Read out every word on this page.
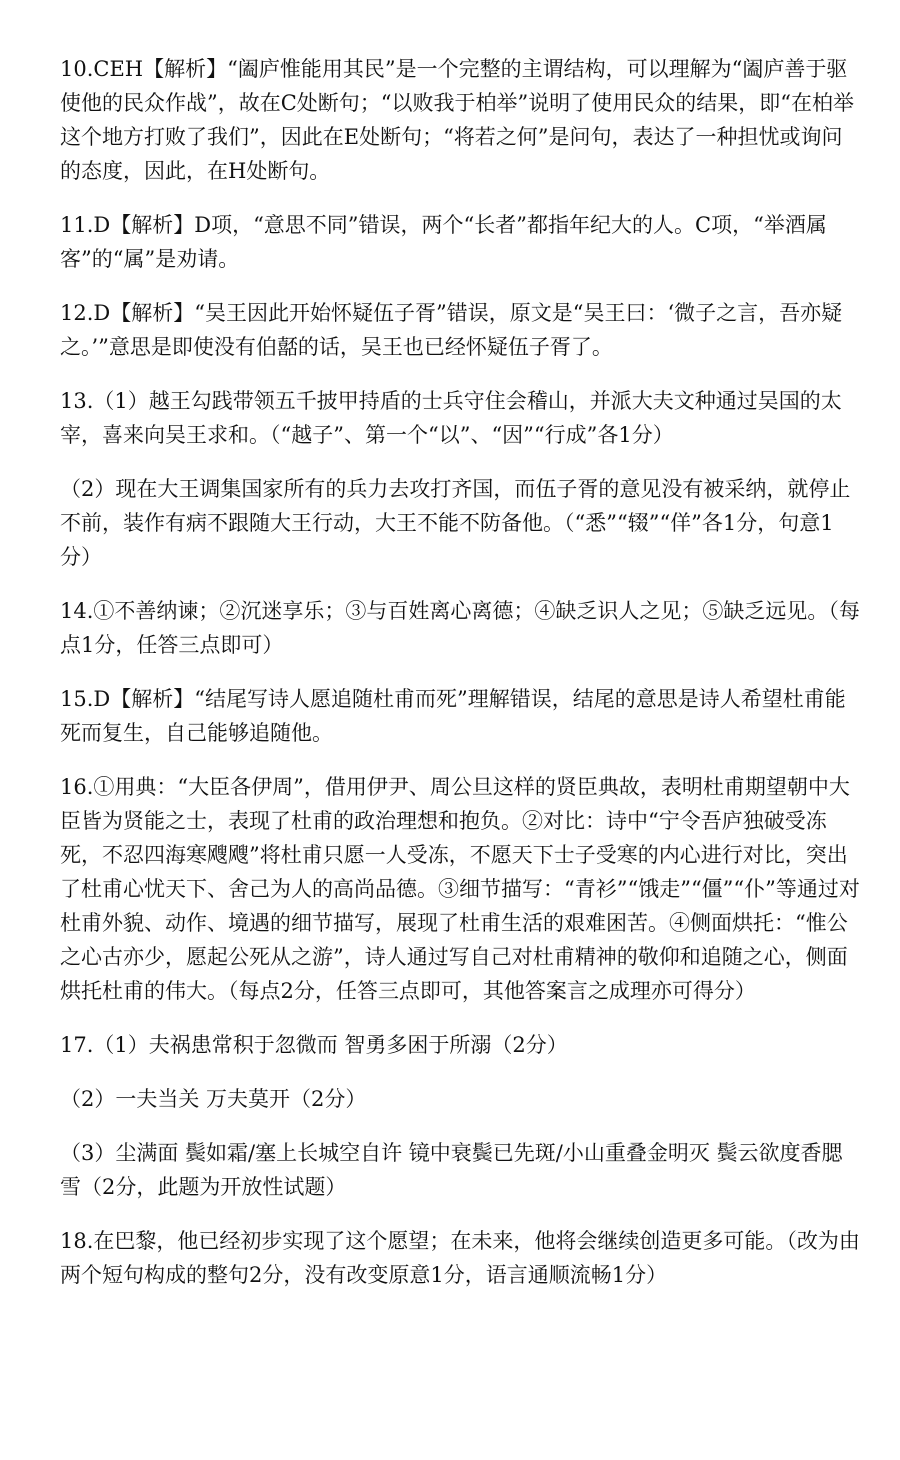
10.CEH【解析】“阖庐惟能用其民”是一个完整的主谓结构，可以理解为“阖庐善于驱使他的民众作战”，故在C处断句；“以败我于柏举”说明了使用民众的结果，即“在柏举这个地方打败了我们”，因此在E处断句；“将若之何”是问句，表达了一种担忧或询问的态度，因此，在H处断句。

11.D【解析】D项，“意思不同”错误，两个“长者”都指年纪大的人。C项，“举酒属客”的“属”是劝请。

12.D【解析】“吴王因此开始怀疑伍子胥”错误，原文是“吴王曰：‘微子之言，吾亦疑之。’”意思是即使没有伯嚭的话，吴王也已经怀疑伍子胥了。

13.（1）越王勾践带领五千披甲持盾的士兵守住会稽山，并派大夫文种通过吴国的太宰，喜来向吴王求和。（“越子”、第一个“以”、“因”“行成”各1分）

（2）现在大王调集国家所有的兵力去攻打齐国，而伍子胥的意见没有被采纳，就停止不前，装作有病不跟随大王行动，大王不能不防备他。（“悉”“辍”“佯”各1分，句意1分）

14.①不善纳谏；②沉迷享乐；③与百姓离心离德；④缺乏识人之见；⑤缺乏远见。（每点1分，任答三点即可）

15.D【解析】“结尾写诗人愿追随杜甫而死”理解错误，结尾的意思是诗人希望杜甫能死而复生，自己能够追随他。

16.①用典：“大臣各伊周”，借用伊尹、周公旦这样的贤臣典故，表明杜甫期望朝中大臣皆为贤能之士，表现了杜甫的政治理想和抱负。②对比：诗中“宁令吾庐独破受冻死，不忍四海寒飕飕”将杜甫只愿一人受冻，不愿天下士子受寒的内心进行对比，突出了杜甫心忧天下、舍己为人的高尚品德。③细节描写：“青衫”“饿走”“僵”“仆”等通过对杜甫外貌、动作、境遇的细节描写，展现了杜甫生活的艰难困苦。④侧面烘托：“惟公之心古亦少，愿起公死从之游”，诗人通过写自己对杜甫精神的敬仰和追随之心，侧面烘托杜甫的伟大。（每点2分，任答三点即可，其他答案言之成理亦可得分）

17.（1）夫祸患常积于忽微而 智勇多困于所溺（2分）

（2）一夫当关 万夫莫开（2分）

（3）尘满面 鬓如霜/塞上长城空自许 镜中衰鬓已先斑/小山重叠金明灭 鬓云欲度香腮雪（2分，此题为开放性试题）

18.在巴黎，他已经初步实现了这个愿望；在未来，他将会继续创造更多可能。（改为由两个短句构成的整句2分，没有改变原意1分，语言通顺流畅1分）
